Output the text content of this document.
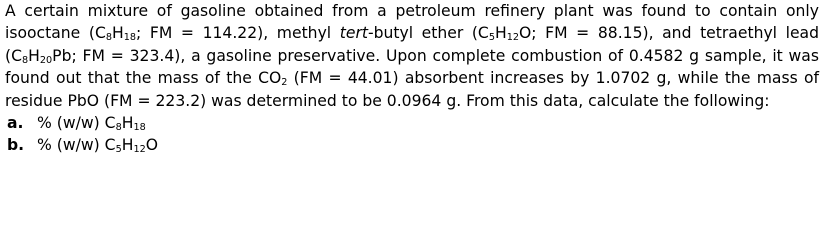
A certain mixture of gasoline obtained from a petroleum refinery plant was found to contain only isooctane ($C_8H_{18}$; FM = 114.22), methyl tert-butyl ether ($C_5H_{12}O$; FM = 88.15), and tetraethyl lead ($C_8H_{20}Pb$; FM = 323.4), a gasoline preservative. Upon complete combustion of 0.4582 g sample, it was found out that the mass of the $CO_2$ (FM = 44.01) absorbent increases by 1.0702 g, while the mass of residue PbO (FM = 223.2) was determined to be 0.0964 g. From this data, calculate the following:

a. % (w/w) $C_8H_{18}$
b. % (w/w) $C_5H_{12}O$
